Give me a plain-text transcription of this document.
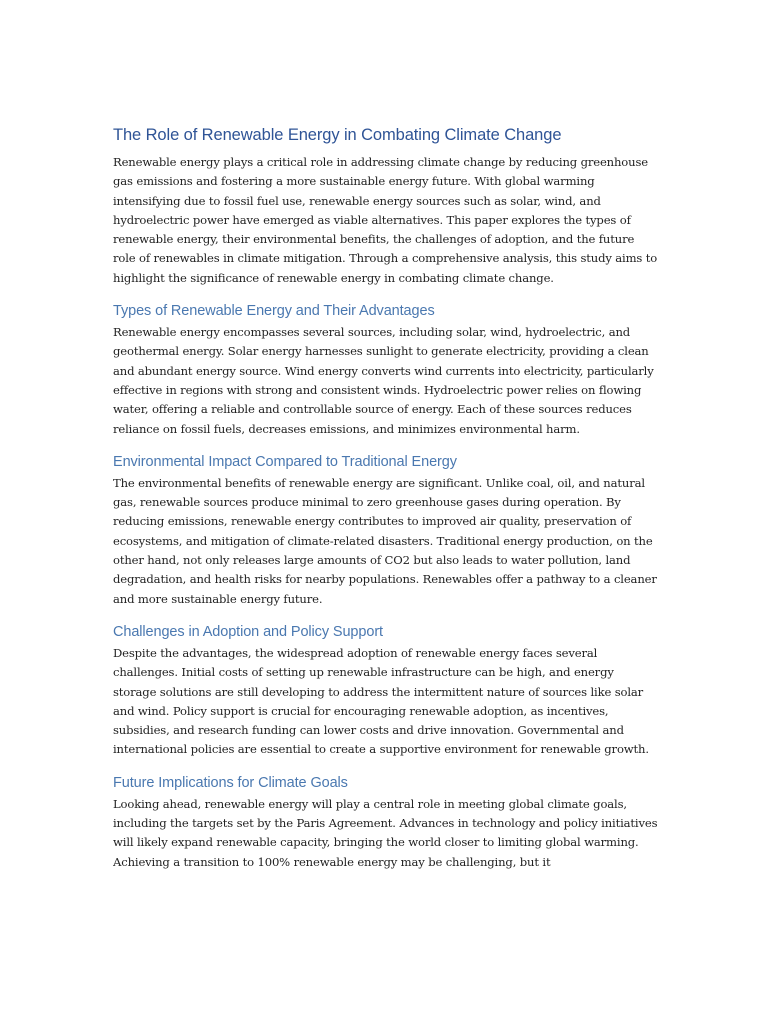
The Role of Renewable Energy in Combating Climate Change

Renewable energy plays a critical role in addressing climate change by reducing greenhouse gas emissions and fostering a more sustainable energy future. With global warming intensifying due to fossil fuel use, renewable energy sources such as solar, wind, and hydroelectric power have emerged as viable alternatives. This paper explores the types of renewable energy, their environmental benefits, the challenges of adoption, and the future role of renewables in climate mitigation. Through a comprehensive analysis, this study aims to highlight the significance of renewable energy in combating climate change.

Types of Renewable Energy and Their Advantages

Renewable energy encompasses several sources, including solar, wind, hydroelectric, and geothermal energy. Solar energy harnesses sunlight to generate electricity, providing a clean and abundant energy source. Wind energy converts wind currents into electricity, particularly effective in regions with strong and consistent winds. Hydroelectric power relies on flowing water, offering a reliable and controllable source of energy. Each of these sources reduces reliance on fossil fuels, decreases emissions, and minimizes environmental harm.

Environmental Impact Compared to Traditional Energy

The environmental benefits of renewable energy are significant. Unlike coal, oil, and natural gas, renewable sources produce minimal to zero greenhouse gases during operation. By reducing emissions, renewable energy contributes to improved air quality, preservation of ecosystems, and mitigation of climate-related disasters. Traditional energy production, on the other hand, not only releases large amounts of CO2 but also leads to water pollution, land degradation, and health risks for nearby populations. Renewables offer a pathway to a cleaner and more sustainable energy future.

Challenges in Adoption and Policy Support

Despite the advantages, the widespread adoption of renewable energy faces several challenges. Initial costs of setting up renewable infrastructure can be high, and energy storage solutions are still developing to address the intermittent nature of sources like solar and wind. Policy support is crucial for encouraging renewable adoption, as incentives, subsidies, and research funding can lower costs and drive innovation. Governmental and international policies are essential to create a supportive environment for renewable growth.

Future Implications for Climate Goals

Looking ahead, renewable energy will play a central role in meeting global climate goals, including the targets set by the Paris Agreement. Advances in technology and policy initiatives will likely expand renewable capacity, bringing the world closer to limiting global warming. Achieving a transition to 100% renewable energy may be challenging, but it
